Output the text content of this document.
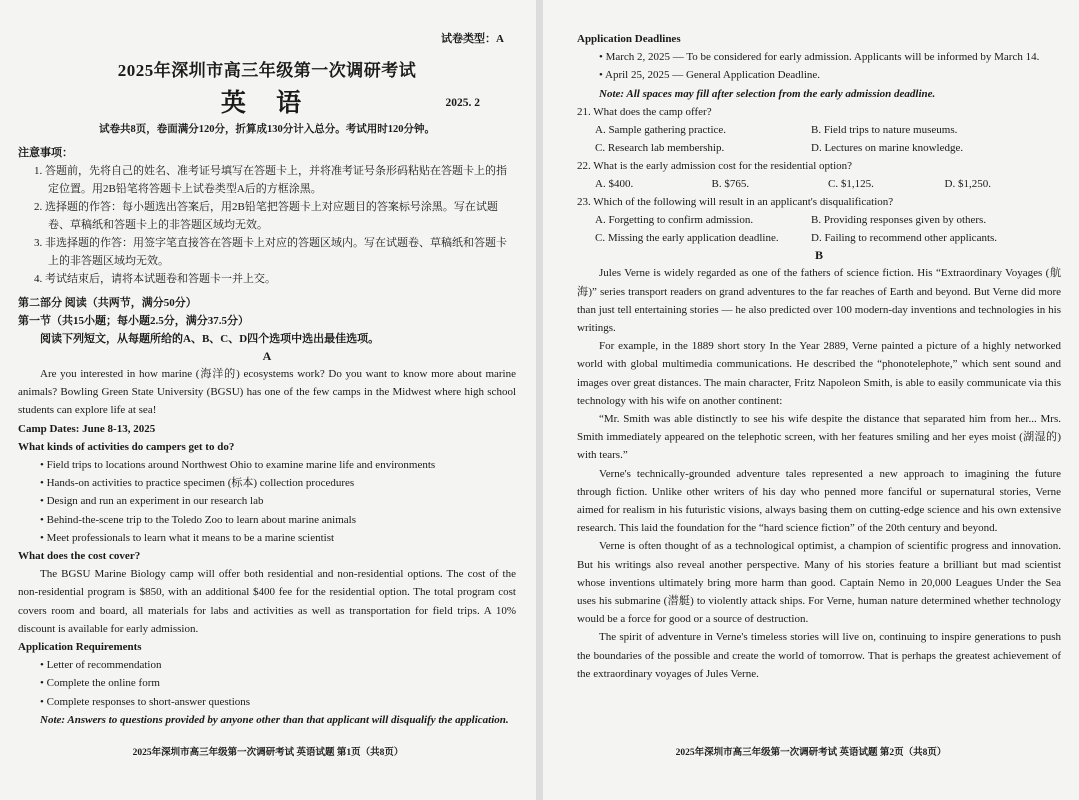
试卷类型：A

2025年深圳市高三年级第一次调研考试

英 语	2025. 2

试卷共8页，卷面满分120分，折算成130分计入总分。考试用时120分钟。

注意事项：

1. 答题前，先将自己的姓名、准考证号填写在答题卡上，并将准考证号条形码粘贴在答题卡上的指定位置。用2B铅笔将答题卡上试卷类型A后的方框涂黑。
2. 选择题的作答：每小题选出答案后，用2B铅笔把答题卡上对应题目的答案标号涂黑。写在试题卷、草稿纸和答题卡上的非答题区域均无效。
3. 非选择题的作答：用签字笔直接答在答题卡上对应的答题区域内。写在试题卷、草稿纸和答题卡上的非答题区域均无效。
4. 考试结束后，请将本试题卷和答题卡一并上交。

第二部分 阅读（共两节，满分50分）

第一节（共15小题；每小题2.5分，满分37.5分）

阅读下列短文，从每题所给的A、B、C、D四个选项中选出最佳选项。

A

Are you interested in how marine (海洋的) ecosystems work? Do you want to know more about marine animals? Bowling Green State University (BGSU) has one of the few camps in the Midwest where high school students can explore life at sea!

Camp Dates: June 8-13, 2025

What kinds of activities do campers get to do?

• Field trips to locations around Northwest Ohio to examine marine life and environments

• Hands-on activities to practice specimen (标本) collection procedures

• Design and run an experiment in our research lab

• Behind-the-scene trip to the Toledo Zoo to learn about marine animals

• Meet professionals to learn what it means to be a marine scientist

What does the cost cover?

The BGSU Marine Biology camp will offer both residential and non-residential options. The cost of the non-residential program is $850, with an additional $400 fee for the residential option. The total program cost covers room and board, all materials for labs and activities as well as transportation for field trips. A 10% discount is available for early admission.

Application Requirements

• Letter of recommendation

• Complete the online form

• Complete responses to short-answer questions

Note: Answers to questions provided by anyone other than that applicant will disqualify the application.

2025年深圳市高三年级第一次调研考试 英语试题 第1页（共8页）

Application Deadlines

• March 2, 2025 — To be considered for early admission. Applicants will be informed by March 14.

• April 25, 2025 — General Application Deadline.

Note: All spaces may fill after selection from the early admission deadline.

21. What does the camp offer?

A. Sample gathering practice.	B. Field trips to nature museums.
C. Research lab membership.	D. Lectures on marine knowledge.

22. What is the early admission cost for the residential option?

A. $400.	B. $765.	C. $1,125.	D. $1,250.

23. Which of the following will result in an applicant's disqualification?

A. Forgetting to confirm admission.	B. Providing responses given by others.
C. Missing the early application deadline.	D. Failing to recommend other applicants.

B

Jules Verne is widely regarded as one of the fathers of science fiction. His “Extraordinary Voyages (航海)” series transport readers on grand adventures to the far reaches of Earth and beyond. But Verne did more than just tell entertaining stories — he also predicted over 100 modern-day inventions and technologies in his writings.

For example, in the 1889 short story In the Year 2889, Verne painted a picture of a highly networked world with global multimedia communications. He described the “phonotelephote,” which sent sound and images over great distances. The main character, Fritz Napoleon Smith, is able to easily communicate via this technology with his wife on another continent:

“Mr. Smith was able distinctly to see his wife despite the distance that separated him from her... Mrs. Smith immediately appeared on the telephotic screen, with her features smiling and her eyes moist (湖湿的) with tears.”

Verne's technically-grounded adventure tales represented a new approach to imagining the future through fiction. Unlike other writers of his day who penned more fanciful or supernatural stories, Verne aimed for realism in his futuristic visions, always basing them on cutting-edge science and his own extensive research. This laid the foundation for the “hard science fiction” of the 20th century and beyond.

Verne is often thought of as a technological optimist, a champion of scientific progress and innovation. But his writings also reveal another perspective. Many of his stories feature a brilliant but mad scientist whose inventions ultimately bring more harm than good. Captain Nemo in 20,000 Leagues Under the Sea uses his submarine (潜艇) to violently attack ships. For Verne, human nature determined whether technology would be a force for good or a source of destruction.

The spirit of adventure in Verne's timeless stories will live on, continuing to inspire generations to push the boundaries of the possible and create the world of tomorrow. That is perhaps the greatest achievement of the extraordinary voyages of Jules Verne.

2025年深圳市高三年级第一次调研考试 英语试题 第2页（共8页）
